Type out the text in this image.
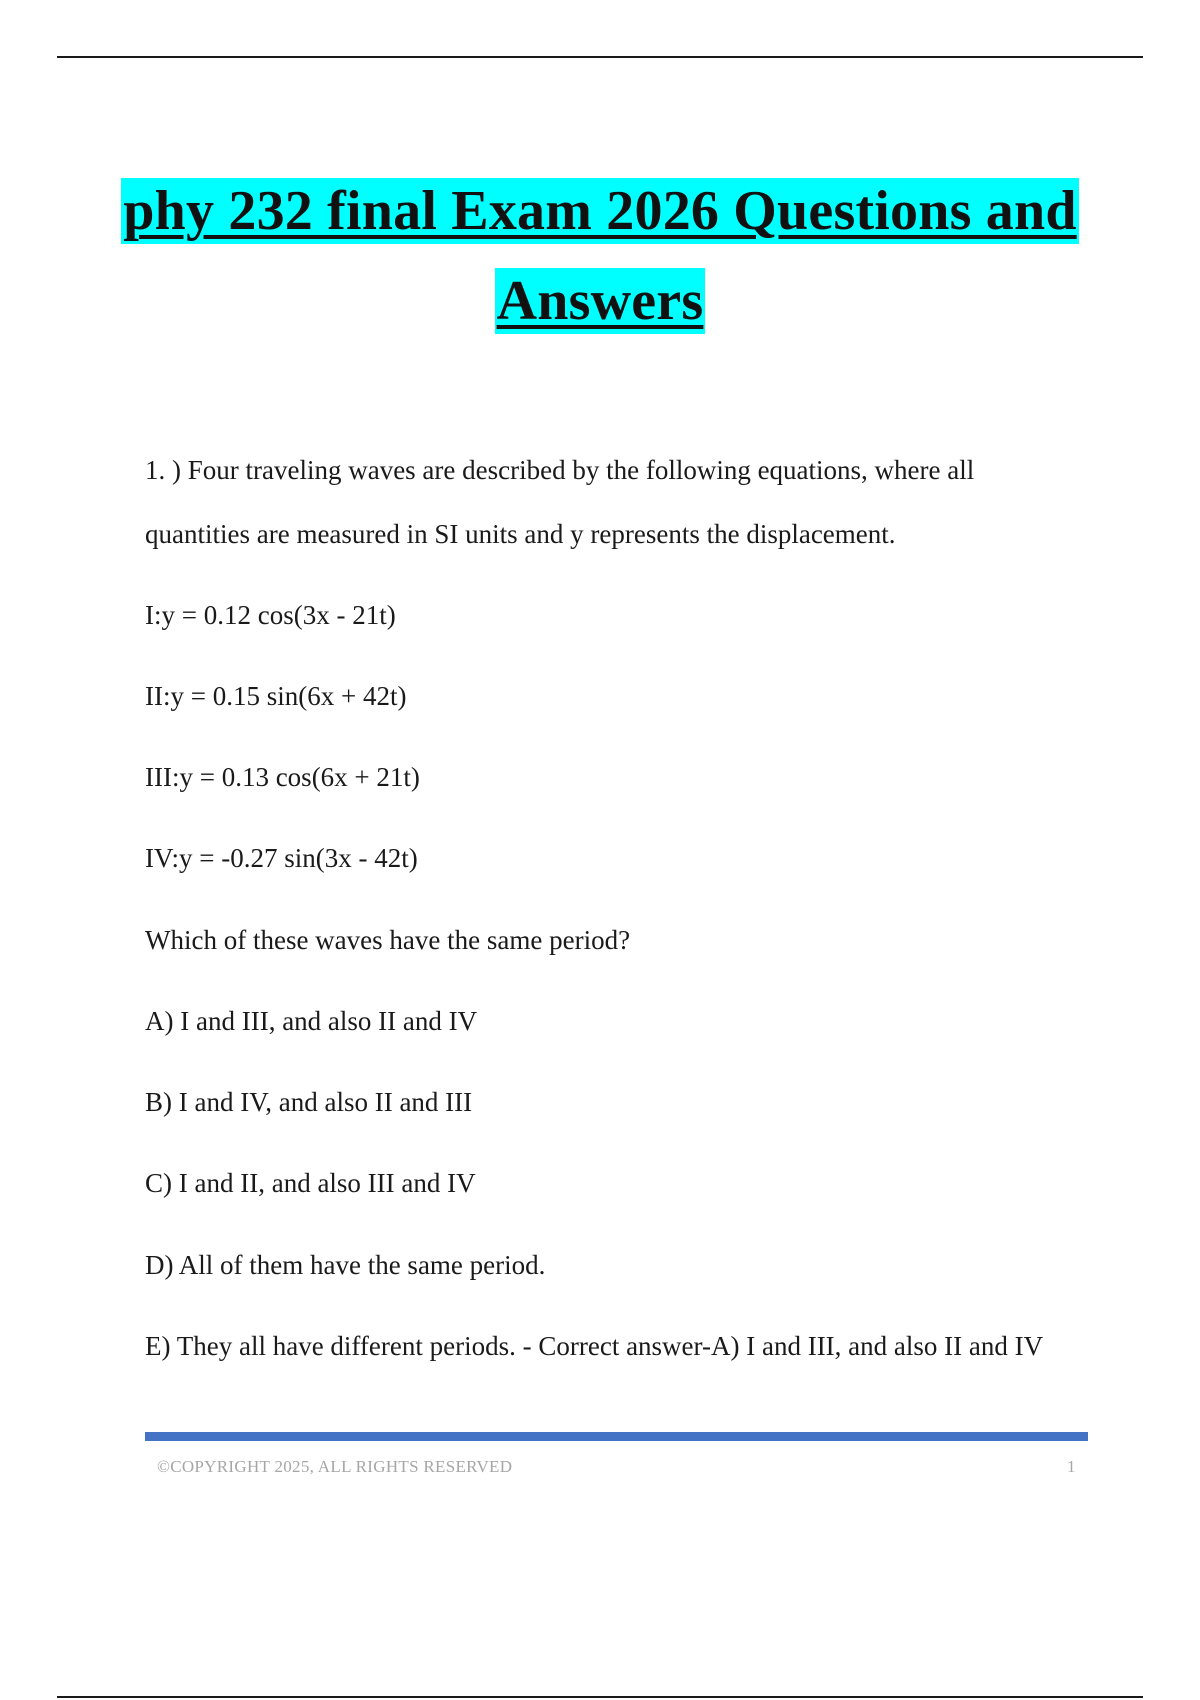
phy 232 final Exam 2026 Questions and
Answers
1. ) Four traveling waves are described by the following equations, where all
quantities are measured in SI units and y represents the displacement.
I:y = 0.12 cos(3x - 21t)
II:y = 0.15 sin(6x + 42t)
III:y = 0.13 cos(6x + 21t)
IV:y = -0.27 sin(3x - 42t)
Which of these waves have the same period?
A) I and III, and also II and IV
B) I and IV, and also II and III
C) I and II, and also III and IV
D) All of them have the same period.
E) They all have different periods. - Correct answer-A) I and III, and also II and IV
©COPYRIGHT 2025, ALL RIGHTS RESERVED	1
